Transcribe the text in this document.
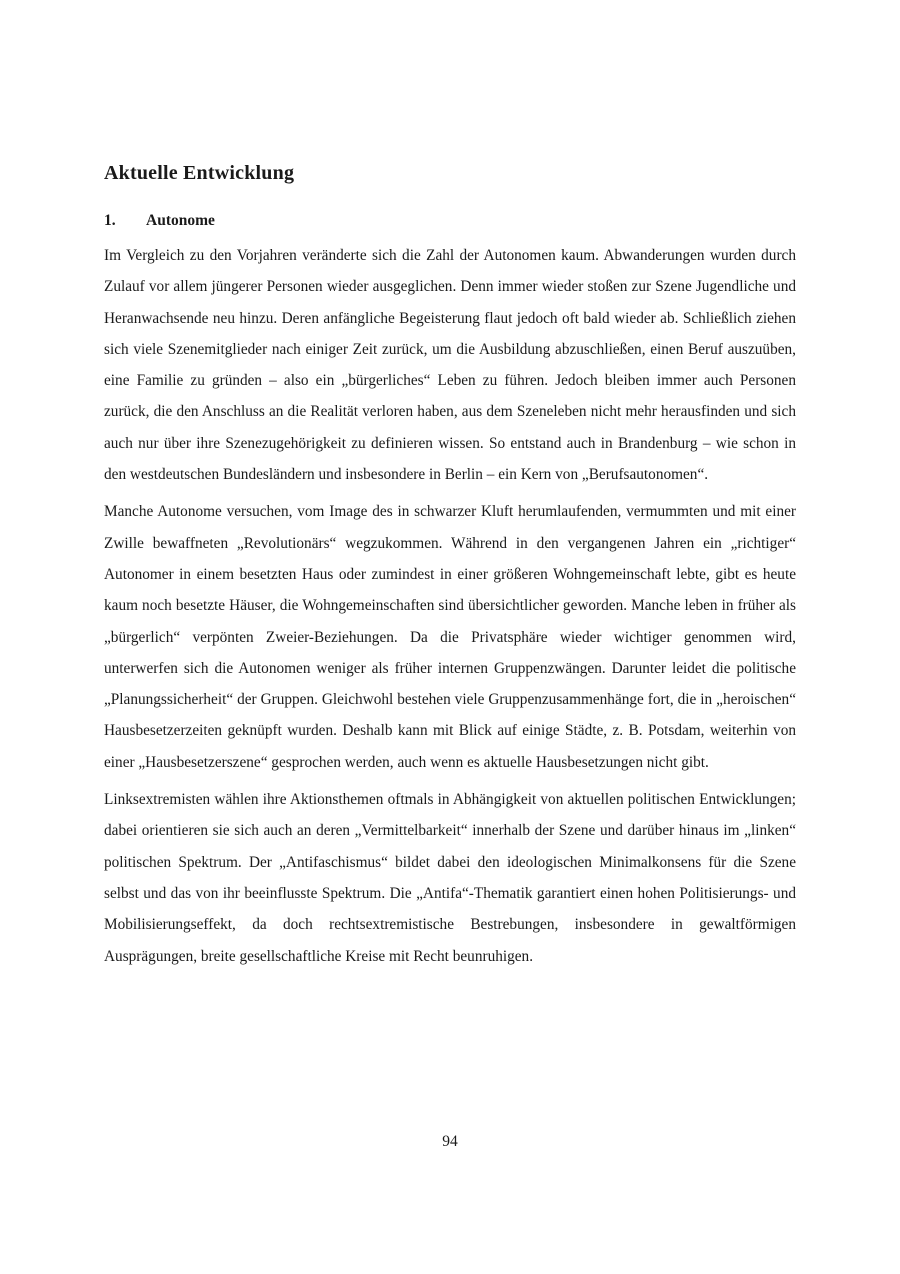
Aktuelle Entwicklung
1. Autonome

Im Vergleich zu den Vorjahren veränderte sich die Zahl der Autonomen kaum. Abwanderungen wurden durch Zulauf vor allem jüngerer Personen wieder ausgeglichen. Denn immer wieder stoßen zur Szene Jugendliche und Heranwachsende neu hinzu. Deren anfängliche Begeisterung flaut jedoch oft bald wieder ab. Schließlich ziehen sich viele Szenemitglieder nach einiger Zeit zurück, um die Ausbildung abzuschließen, einen Beruf auszuüben, eine Familie zu gründen – also ein „bürgerliches“ Leben zu führen. Jedoch bleiben immer auch Personen zurück, die den Anschluss an die Realität verloren haben, aus dem Szeneleben nicht mehr herausfinden und sich auch nur über ihre Szenezugehörigkeit zu definieren wissen. So entstand auch in Brandenburg – wie schon in den westdeutschen Bundesländern und insbesondere in Berlin – ein Kern von „Berufsautonomen“.

Manche Autonome versuchen, vom Image des in schwarzer Kluft herumlaufenden, vermummten und mit einer Zwille bewaffneten „Revolutionärs“ wegzukommen. Während in den vergangenen Jahren ein „richtiger“ Autonomer in einem besetzten Haus oder zumindest in einer größeren Wohngemeinschaft lebte, gibt es heute kaum noch besetzte Häuser, die Wohngemeinschaften sind übersichtlicher geworden. Manche leben in früher als „bürgerlich“ verpönten Zweier-Beziehungen. Da die Privatsphäre wieder wichtiger genommen wird, unterwerfen sich die Autonomen weniger als früher internen Gruppenzwängen. Darunter leidet die politische „Planungssicherheit“ der Gruppen. Gleichwohl bestehen viele Gruppenzusammenhänge fort, die in „heroischen“ Hausbesetzerzeiten geknüpft wurden. Deshalb kann mit Blick auf einige Städte, z. B. Potsdam, weiterhin von einer „Hausbesetzerszene“ gesprochen werden, auch wenn es aktuelle Hausbesetzungen nicht gibt.

Linksextremisten wählen ihre Aktionsthemen oftmals in Abhängigkeit von aktuellen politischen Entwicklungen; dabei orientieren sie sich auch an deren „Vermittelbarkeit“ innerhalb der Szene und darüber hinaus im „linken“ politischen Spektrum. Der „Antifaschismus“ bildet dabei den ideologischen Minimalkonsens für die Szene selbst und das von ihr beeinflusste Spektrum. Die „Antifa“-Thematik garantiert einen hohen Politisierungs- und Mobilisierungseffekt, da doch rechtsextremistische Bestrebungen, insbesondere in gewaltförmigen Ausprägungen, breite gesellschaftliche Kreise mit Recht beunruhigen.

94
